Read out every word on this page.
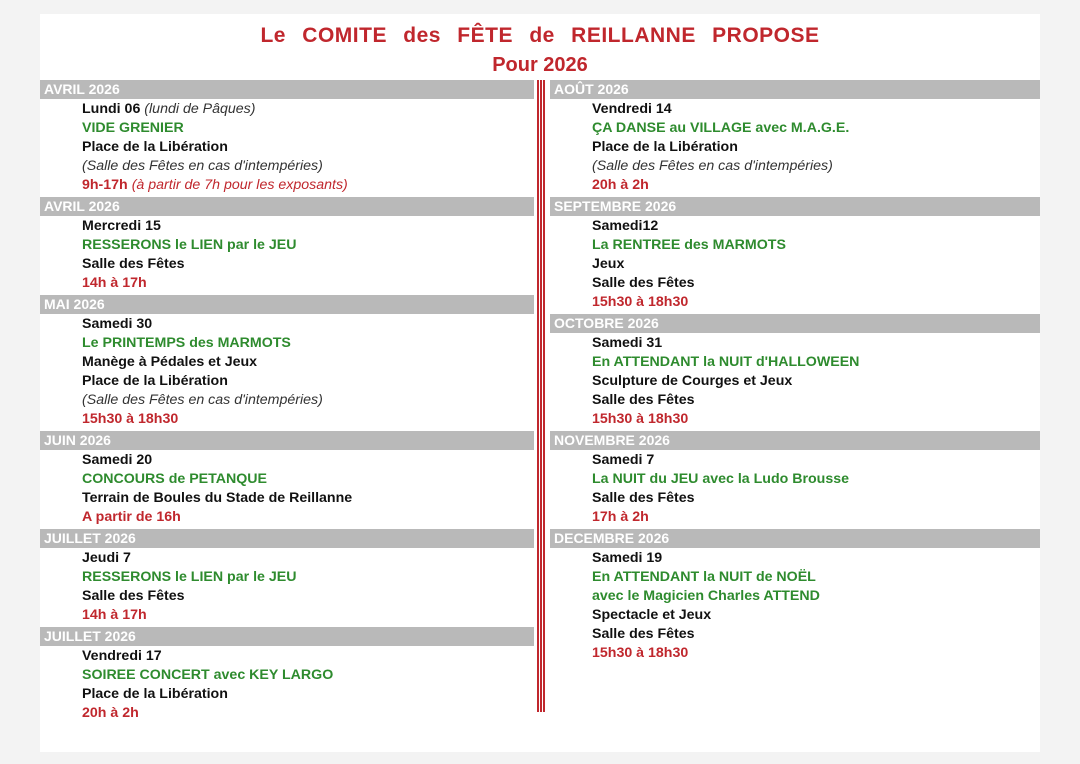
Le COMITE des FÊTE de REILLANNE PROPOSE
Pour 2026
AVRIL 2026
Lundi 06 (lundi de Pâques)
VIDE GRENIER
Place de la Libération
(Salle des Fêtes en cas d'intempéries)
9h-17h (à partir de 7h pour les exposants)
AVRIL 2026
Mercredi 15
RESSERONS le LIEN par le JEU
Salle des Fêtes
14h à 17h
MAI 2026
Samedi 30
Le PRINTEMPS des MARMOTS
Manège à Pédales et Jeux
Place de la Libération
(Salle des Fêtes en cas d'intempéries)
15h30 à 18h30
JUIN 2026
Samedi 20
CONCOURS de PETANQUE
Terrain de Boules du Stade de Reillanne
A partir de 16h
JUILLET 2026
Jeudi 7
RESSERONS le LIEN par le JEU
Salle des Fêtes
14h à 17h
JUILLET 2026
Vendredi 17
SOIREE CONCERT avec KEY LARGO
Place de la Libération
20h à 2h
AOÛT 2026
Vendredi 14
ÇA DANSE au VILLAGE avec M.A.G.E.
Place de la Libération
(Salle des Fêtes en cas d'intempéries)
20h à 2h
SEPTEMBRE 2026
Samedi12
La RENTREE des MARMOTS
Jeux
Salle des Fêtes
15h30 à 18h30
OCTOBRE 2026
Samedi 31
En ATTENDANT la NUIT d'HALLOWEEN
Sculpture de Courges et Jeux
Salle des Fêtes
15h30 à 18h30
NOVEMBRE 2026
Samedi 7
La NUIT du JEU avec la Ludo Brousse
Salle des Fêtes
17h à 2h
DECEMBRE 2026
Samedi 19
En ATTENDANT la NUIT de NOËL
avec le Magicien Charles ATTEND
Spectacle et Jeux
Salle des Fêtes
15h30 à 18h30
